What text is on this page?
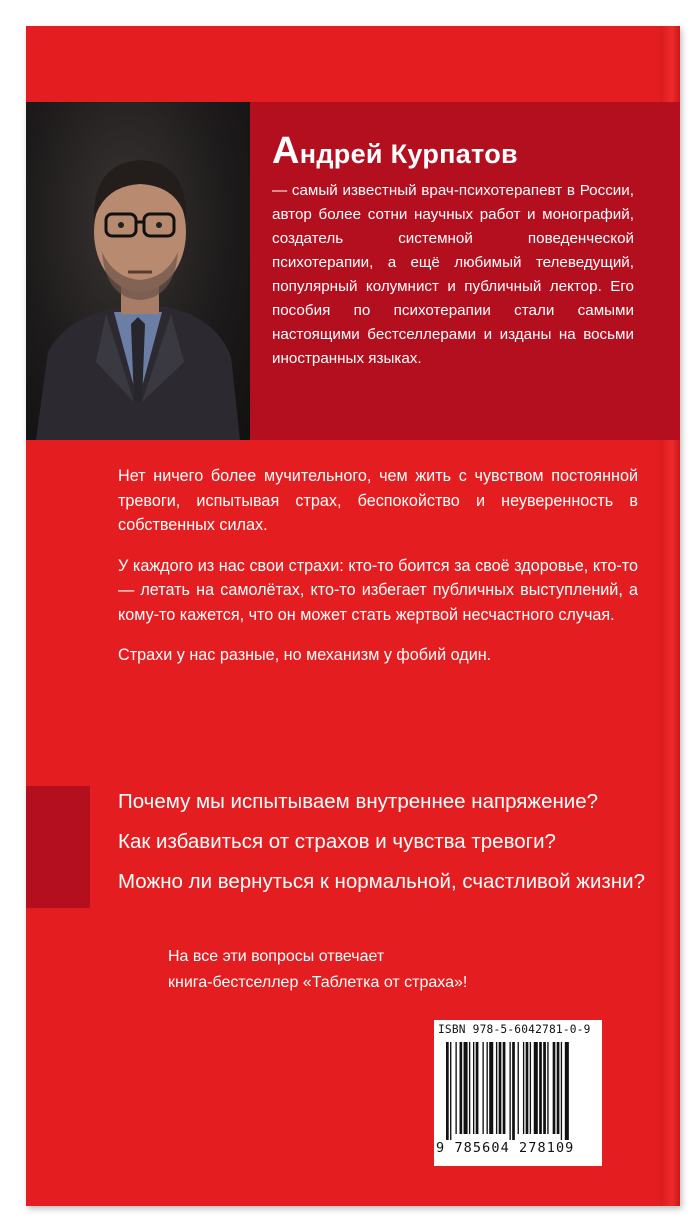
Андрей Курпатов

— самый известный врач-психотерапевт в России, автор более сотни научных работ и монографий, создатель системной поведенческой психотерапии, а ещё любимый телеведущий, популярный колумнист и публичный лектор. Его пособия по психотерапии стали самыми настоящими бестселлерами и изданы на восьми иностранных языках.

Нет ничего более мучительного, чем жить с чувством постоянной тревоги, испытывая страх, беспокойство и неуверенность в собственных силах.

У каждого из нас свои страхи: кто-то боится за своё здоровье, кто-то — летать на самолётах, кто-то избегает публичных выступлений, а кому-то кажется, что он может стать жертвой несчастного случая.

Страхи у нас разные, но механизм у фобий один.

Почему мы испытываем внутреннее напряжение?
Как избавиться от страхов и чувства тревоги?
Можно ли вернуться к нормальной, счастливой жизни?
На все эти вопросы отвечает
книга-бестселлер «Таблетка от страха»!
ISBN 978-5-6042781-0-9
9 785604 278109
